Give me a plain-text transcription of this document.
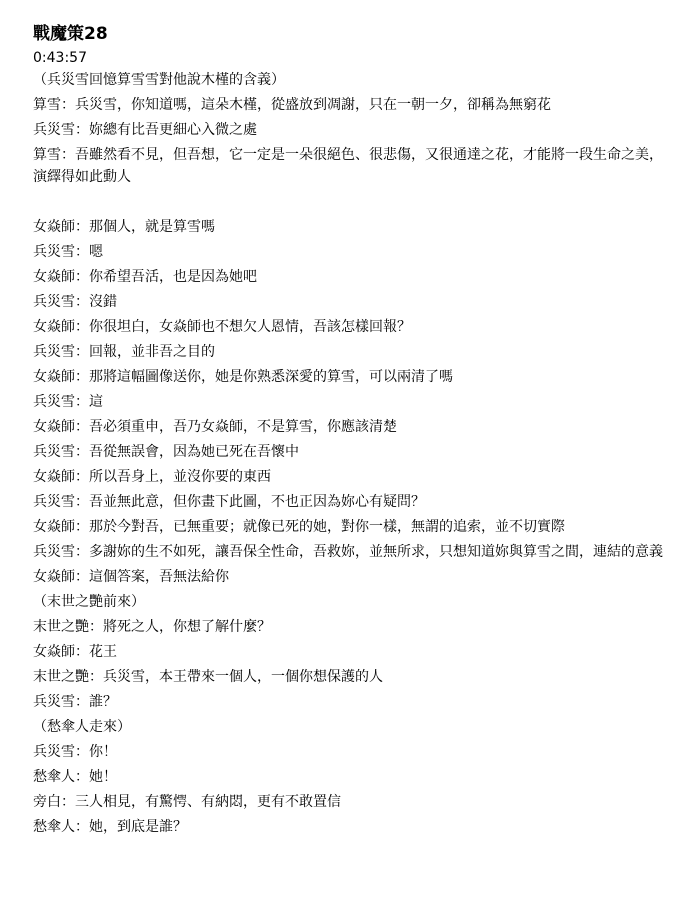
戰魔策28

0:43:57

（兵災雪回憶算雪雪對他說木槿的含義）

算雪：兵災雪，你知道嗎，這朵木槿，從盛放到凋謝，只在一朝一夕，卻稱為無窮花

兵災雪：妳總有比吾更細心入微之處

算雪：吾雖然看不見，但吾想，它一定是一朵很絕色、很悲傷，又很通達之花，才能將一段生命之美，演繹得如此動人

女焱師：那個人，就是算雪嗎

兵災雪：嗯

女焱師：你希望吾活，也是因為她吧

兵災雪：沒錯

女焱師：你很坦白，女焱師也不想欠人恩情，吾該怎樣回報？

兵災雪：回報，並非吾之目的

女焱師：那將這幅圖像送你，她是你熟悉深愛的算雪，可以兩清了嗎

兵災雪：這

女焱師：吾必須重申，吾乃女焱師，不是算雪，你應該清楚

兵災雪：吾從無誤會，因為她已死在吾懷中

女焱師：所以吾身上，並沒你要的東西

兵災雪：吾並無此意，但你畫下此圖，不也正因為妳心有疑問？

女焱師：那於今對吾，已無重要；就像已死的她，對你一樣，無謂的追索，並不切實際

兵災雪：多謝妳的生不如死，讓吾保全性命，吾救妳，並無所求，只想知道妳與算雪之間，連結的意義

女焱師：這個答案，吾無法給你

（末世之艷前來）

末世之艷：將死之人，你想了解什麼？

女焱師：花王

末世之艷：兵災雪，本王帶來一個人，一個你想保護的人

兵災雪：誰？

（愁傘人走來）

兵災雪：你！

愁傘人：她！

旁白：三人相見，有驚愕、有納悶，更有不敢置信

愁傘人：她，到底是誰？
